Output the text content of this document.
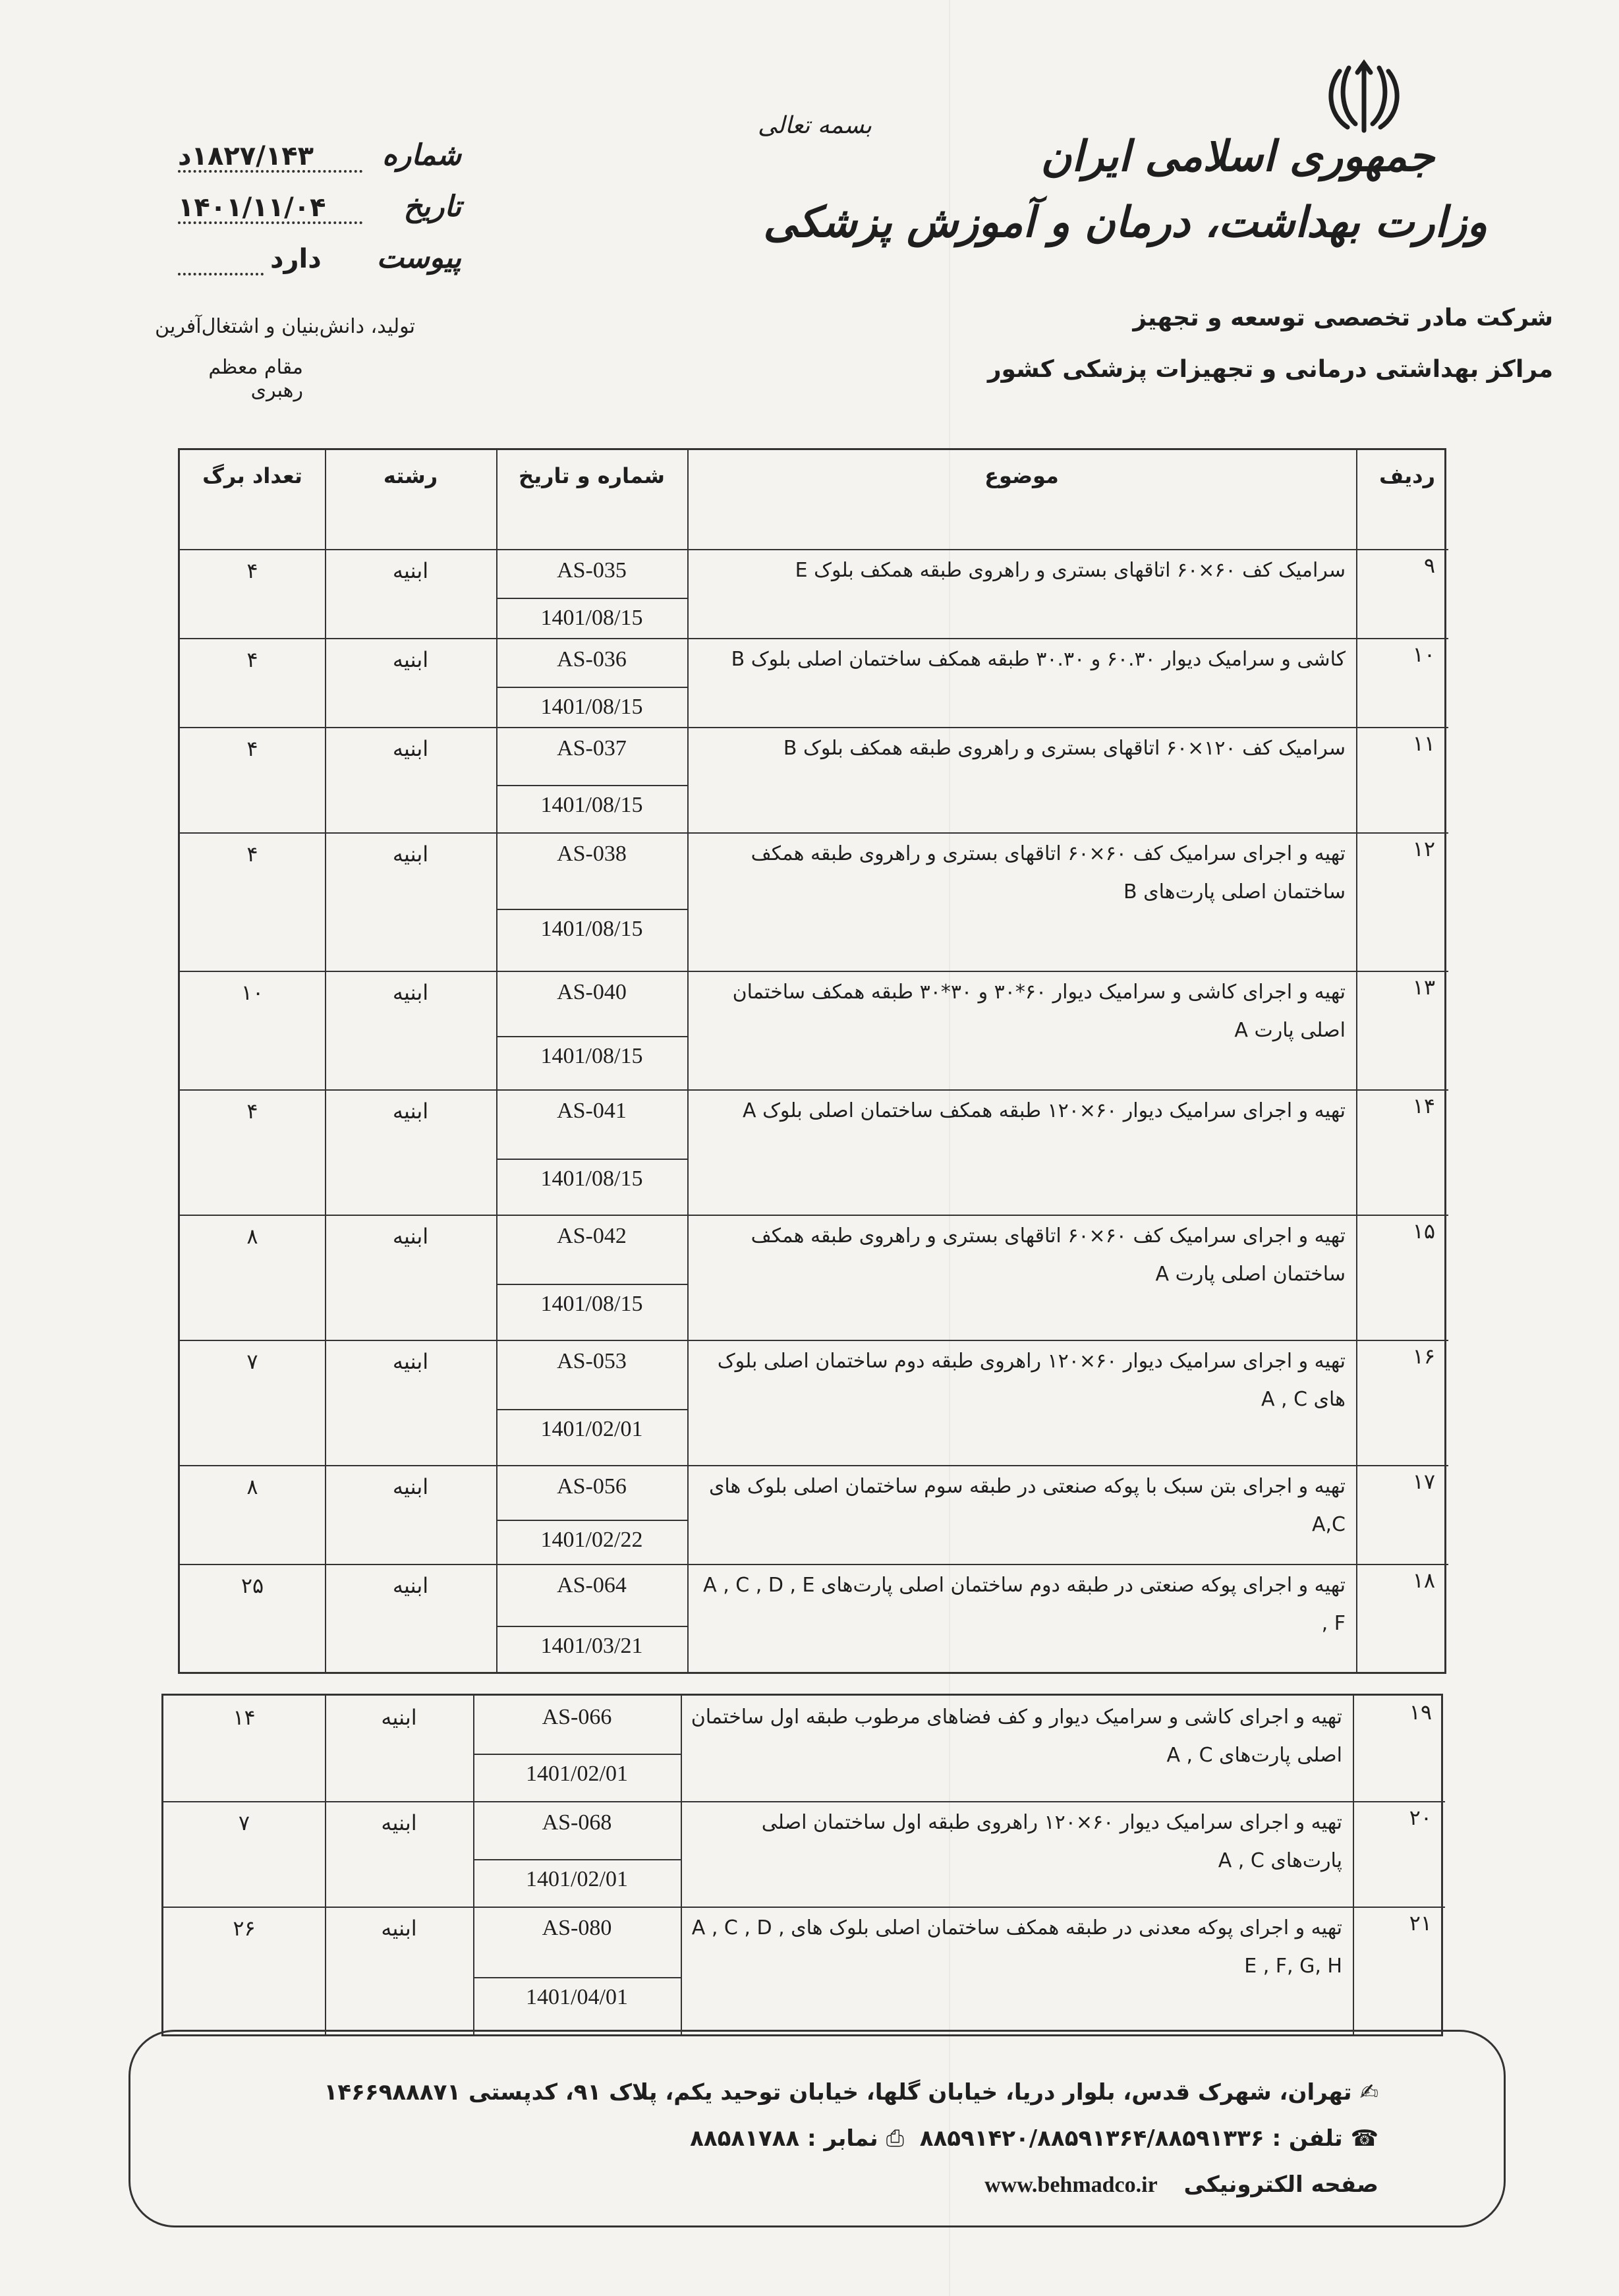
جمهوری اسلامی ایران
وزارت بهداشت، درمان و آموزش پزشکی
شرکت مادر تخصصی توسعه و تجهیز
مراکز بهداشتی درمانی و تجهیزات پزشکی کشور
بسمه تعالی
شماره
۱۸۲۷/۱۴۳د
تاریخ
۱۴۰۱/۱۱/۰۴
پیوست
دارد
تولید، دانش‌بنیان و اشتغال‌آفرین
مقام معظم رهبری
ردیف
موضوع
شماره و تاریخ
رشته
تعداد برگ
۹
سرامیک کف ۶۰×۶۰ اتاقهای بستری و راهروی طبقه همکف بلوک E
AS-035
1401/08/15
ابنیه
۴
۱۰
کاشی و سرامیک دیوار ۶۰.۳۰ و ۳۰.۳۰ طبقه همکف ساختمان اصلی بلوک B
AS-036
1401/08/15
ابنیه
۴
۱۱
سرامیک کف ۱۲۰×۶۰ اتاقهای بستری و راهروی طبقه همکف بلوک B
AS-037
1401/08/15
ابنیه
۴
۱۲
تهیه و اجرای سرامیک کف ۶۰×۶۰ اتاقهای بستری و راهروی طبقه همکف ساختمان اصلی پارت‌های B
AS-038
1401/08/15
ابنیه
۴
۱۳
تهیه و اجرای کاشی و سرامیک دیوار ۶۰*۳۰ و ۳۰*۳۰ طبقه همکف ساختمان اصلی پارت A
AS-040
1401/08/15
ابنیه
۱۰
۱۴
تهیه و اجرای سرامیک دیوار ۶۰×۱۲۰ طبقه همکف ساختمان اصلی بلوک A
AS-041
1401/08/15
ابنیه
۴
۱۵
تهیه و اجرای سرامیک کف ۶۰×۶۰ اتاقهای بستری و راهروی طبقه همکف ساختمان اصلی پارت A
AS-042
1401/08/15
ابنیه
۸
۱۶
تهیه و اجرای سرامیک دیوار ۶۰×۱۲۰ راهروی طبقه دوم ساختمان اصلی بلوک های A , C
AS-053
1401/02/01
ابنیه
۷
۱۷
تهیه و اجرای بتن سبک با پوکه صنعتی در طبقه سوم ساختمان اصلی بلوک های A,C
AS-056
1401/02/22
ابنیه
۸
۱۸
تهیه و اجرای پوکه صنعتی در طبقه دوم ساختمان اصلی پارت‌های A , C , D , E , F
AS-064
1401/03/21
ابنیه
۲۵
۱۹
تهیه و اجرای کاشی و سرامیک دیوار و کف فضاهای مرطوب طبقه اول ساختمان اصلی پارت‌های A , C
AS-066
1401/02/01
ابنیه
۱۴
۲۰
تهیه و اجرای سرامیک دیوار ۶۰×۱۲۰ راهروی طبقه اول ساختمان اصلی پارت‌های A , C
AS-068
1401/02/01
ابنیه
۷
۲۱
تهیه و اجرای پوکه معدنی در طبقه همکف ساختمان اصلی بلوک های A , C , D , E , F, G, H
AS-080
1401/04/01
ابنیه
۲۶
✍تهران، شهرک قدس، بلوار دریا، خیابان گلها، خیابان توحید یکم، پلاک ۹۱، کدپستی ۱۴۶۶۹۸۸۸۷۱
☎تلفن : ۸۸۵۹۱۴۲۰/۸۸۵۹۱۳۶۴/۸۸۵۹۱۳۳۶ ⎙نمابر : ۸۸۵۸۱۷۸۸
صفحه الکترونیکی www.behmadco.ir
